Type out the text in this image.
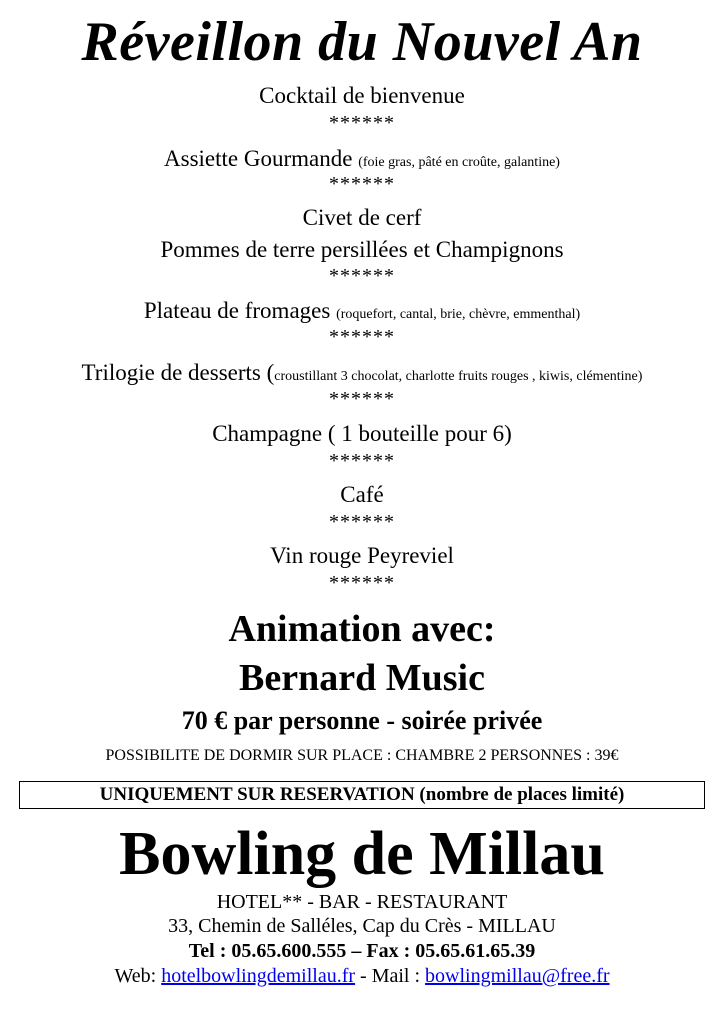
Réveillon du Nouvel An
Cocktail de bienvenue
******
Assiette Gourmande (foie gras, pâté en croûte, galantine)
******
Civet de cerf
Pommes de terre persillées et Champignons
******
Plateau de fromages (roquefort, cantal, brie, chèvre, emmenthal)
******
Trilogie de desserts (croustillant 3 chocolat, charlotte fruits rouges , kiwis, clémentine)
******
Champagne ( 1 bouteille pour 6)
******
Café
******
Vin rouge Peyreviel
******
Animation avec:
Bernard Music
70 € par personne - soirée privée
POSSIBILITE DE DORMIR SUR PLACE : CHAMBRE 2 PERSONNES : 39€
UNIQUEMENT SUR RESERVATION (nombre de places limité)
Bowling de Millau
HOTEL** - BAR - RESTAURANT
33, Chemin de Salléles, Cap du Crès - MILLAU
Tel : 05.65.600.555 – Fax : 05.65.61.65.39
Web: hotelbowlingdemillau.fr - Mail : bowlingmillau@free.fr
